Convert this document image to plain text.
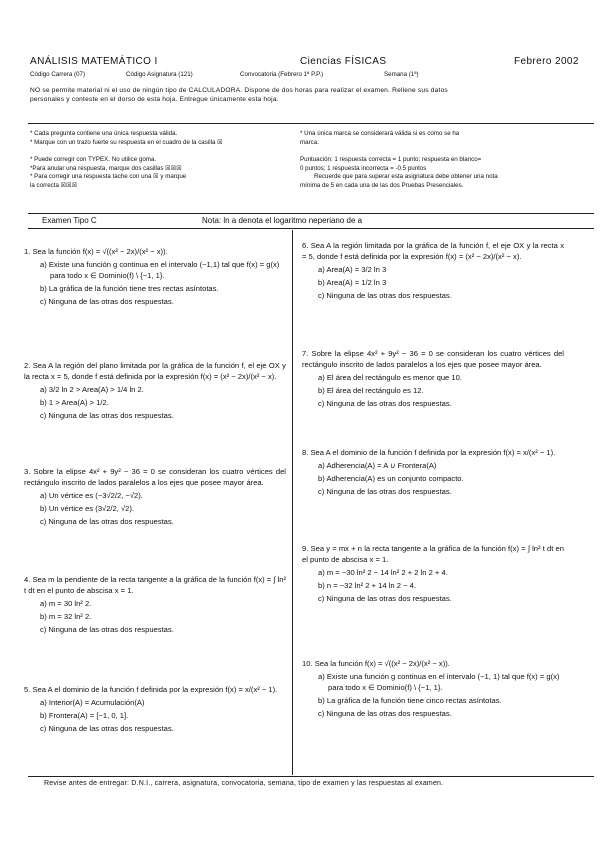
ANÁLISIS MATEMÁTICO I	Ciencias FÍSICAS	Febrero 2002
Código Carrera (07)	Código Asignatura (121)	Convocatoria (Febrero 1ª P.P.)	Semana (1ª)
NO se permite material ni el uso de ningún tipo de CALCULADORA. Dispone de dos horas para realizar el examen. Rellene sus datos
personales y conteste en el dorso de esta hoja. Entregue únicamente esta hoja.
* Cada pregunta contiene una única respuesta válida.
* Marque con un trazo fuerte su respuesta en el cuadro de la casilla ☒
* Puede corregir con TYPEX. No utilice goma.
*Para anular una respuesta, marque dos casillas ☒☒☒
* Para corregir una respuesta tache con una ☒ y marque
la correcta ☒☒☒
* Una única marca se considerará válida si es como se ha
marca.
Puntuación: 1 respuesta correcta = 1 punto; respuesta en blanco=
0 puntos; 1 respuesta incorrecta = -0.5 puntos
Recuerde que para superar esta asignatura debe obtener una nota
mínima de 5 en cada una de las dos Pruebas Presenciales.
Examen Tipo C	Nota: ln a denota el logaritmo neperiano de a

1. Sea la función f(x) = √((x² − 2x)/(x² − x)).

a) Existe una función g continua en el intervalo (−1,1) tal que f(x) = g(x) para todo x ∈ Dominio(f) \ {−1, 1}.

b) La gráfica de la función tiene tres rectas asíntotas.

c) Ninguna de las otras dos respuestas.

2. Sea A la región del plano limitada por la gráfica de la función f, el eje OX y la recta x = 5, donde f está definida por la expresión f(x) = (x² − 2x)/(x² − x).

a) 3/2 ln 2 > Area(A) > 1/4 ln 2.

b) 1 > Area(A) > 1/2.

c) Ninguna de las otras dos respuestas.

3. Sobre la elipse 4x² + 9y² − 36 = 0 se consideran los cuatro vértices del rectángulo inscrito de lados paralelos a los ejes que posee mayor área.

a) Un vértice es (−3√2/2, −√2).

b) Un vértice es (3√2/2, √2).

c) Ninguna de las otras dos respuestas.

4. Sea m la pendiente de la recta tangente a la gráfica de la función f(x) = ∫ ln² t dt en el punto de abscisa x = 1.

a) m = 30 ln² 2.

b) m = 32 ln² 2.

c) Ninguna de las otras dos respuestas.

5. Sea A el dominio de la función f definida por la expresión f(x) = x/(x² − 1).

a) Interior(A) = Acumulación(A)

b) Frontera(A) = [−1, 0, 1].

c) Ninguna de las otras dos respuestas.

6. Sea A la región limitada por la gráfica de la función f, el eje OX y la recta x = 5, donde f está definida por la expresión f(x) = (x² − 2x)/(x² − x).

a) Area(A) = 3/2 ln 3

b) Area(A) = 1/2 ln 3

c) Ninguna de las otras dos respuestas.

7. Sobre la elipse 4x² + 9y² − 36 = 0 se consideran los cuatro vértices del rectángulo inscrito de lados paralelos a los ejes que posee mayor área.

a) El área del rectángulo es menor que 10.

b) El área del rectángulo es 12.

c) Ninguna de las otras dos respuestas.

8. Sea A el dominio de la función f definida por la expresión f(x) = x/(x² − 1).

a) Adherencia(A) = A ∪ Frontera(A)

b) Adherencia(A) es un conjunto compacto.

c) Ninguna de las otras dos respuestas.

9. Sea y = mx + n la recta tangente a la gráfica de la función f(x) = ∫ ln² t dt en el punto de abscisa x = 1.

a) m = −30 ln² 2 − 14 ln² 2 + 2 ln 2 + 4.

b) n = −32 ln² 2 + 14 ln 2 − 4.

c) Ninguna de las otras dos respuestas.

10. Sea la función f(x) = √((x² − 2x)/(x² − x)).

a) Existe una función g continua en el intervalo (−1, 1) tal que f(x) = g(x) para todo x ∈ Dominio(f) \ {−1, 1}.

b) La gráfica de la función tiene cinco rectas asíntotas.

c) Ninguna de las otras dos respuestas.

Revise antes de entregar: D.N.I., carrera, asignatura, convocatoria, semana, tipo de examen y las respuestas al examen.
